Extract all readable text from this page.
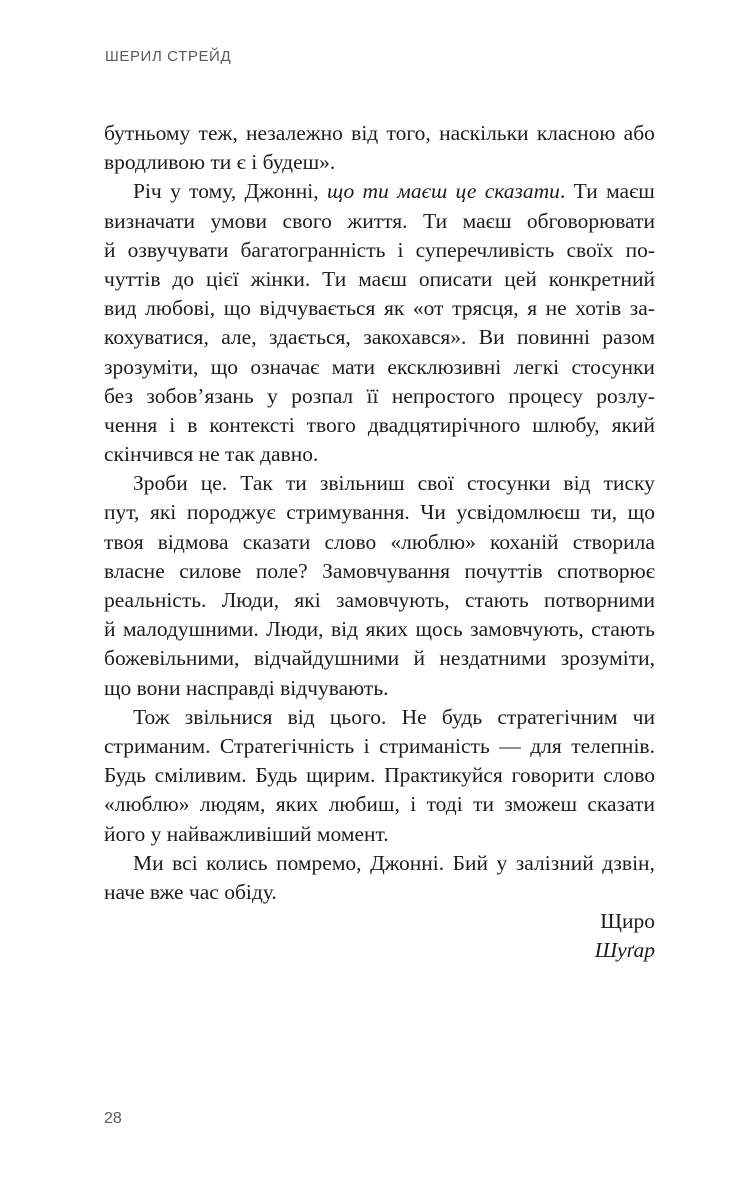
ШЕРИЛ СТРЕЙД
бутньому теж, незалежно від того, наскільки класною або
вродливою ти є і будеш».
Річ у тому, Джонні, що ти маєш це сказати. Ти маєш
визначати умови свого життя. Ти маєш обговорювати
й озвучувати багатогранність і суперечливість своїх по-
чуттів до цієї жінки. Ти маєш описати цей конкретний
вид любові, що відчувається як «от трясця, я не хотів за-
кохуватися, але, здається, закохався». Ви повинні разом
зрозуміти, що означає мати ексклюзивні легкі стосунки
без зобов’язань у розпал її непростого процесу розлу-
чення і в контексті твого двадцятирічного шлюбу, який
скінчився не так давно.
Зроби це. Так ти звільниш свої стосунки від тиску
пут, які породжує стримування. Чи усвідомлюєш ти, що
твоя відмова сказати слово «люблю» коханій створила
власне силове поле? Замовчування почуттів спотворює
реальність. Люди, які замовчують, стають потворними
й малодушними. Люди, від яких щось замовчують, стають
божевільними, відчайдушними й нездатними зрозуміти,
що вони насправді відчувають.
Тож звільнися від цього. Не будь стратегічним чи
стриманим. Стратегічність і стриманість — для телепнів.
Будь сміливим. Будь щирим. Практикуйся говорити слово
«люблю» людям, яких любиш, і тоді ти зможеш сказати
його у найважливіший момент.
Ми всі колись помремо, Джонні. Бий у залізний дзвін,
наче вже час обіду.
Щиро
Шуґар
28
